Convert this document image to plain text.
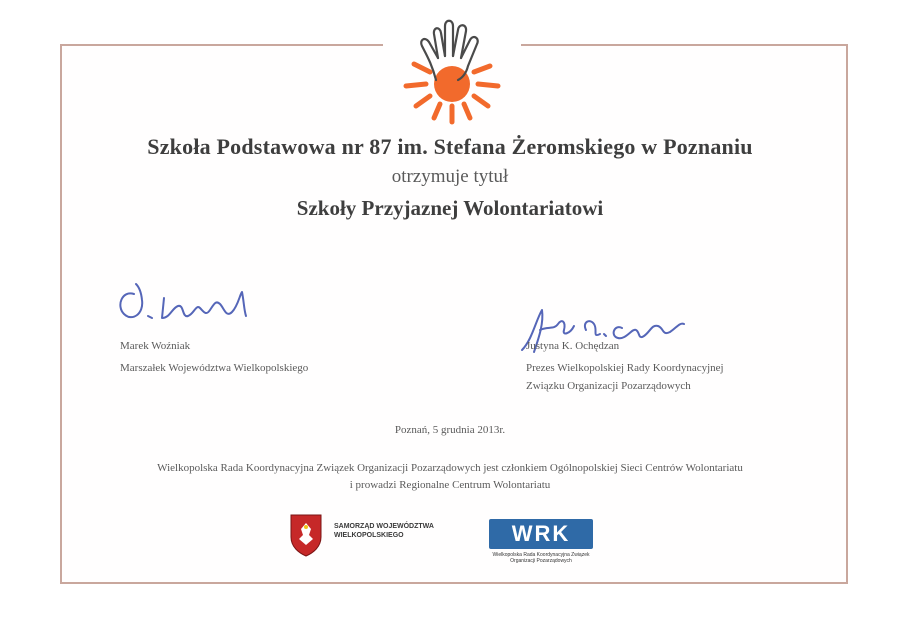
Szkoła Podstawowa nr 87 im. Stefana Żeromskiego w Poznaniu
otrzymuje tytuł
Szkoły Przyjaznej Wolontariatowi
Marek Woźniak
Marszałek Województwa Wielkopolskiego
Justyna K. Ochędzan
Prezes Wielkopolskiej Rady Koordynacyjnej
Związku Organizacji Pozarządowych
Poznań, 5 grudnia 2013r.
Wielkopolska Rada Koordynacyjna Związek Organizacji Pozarządowych jest członkiem Ogólnopolskiej Sieci Centrów Wolontariatu
i prowadzi Regionalne Centrum Wolontariatu
SAMORZĄD WOJEWÓDZTWA WIELKOPOLSKIEGO	WRK
Wielkopolska Rada Koordynacyjna Związek Organizacji Pozarządowych
